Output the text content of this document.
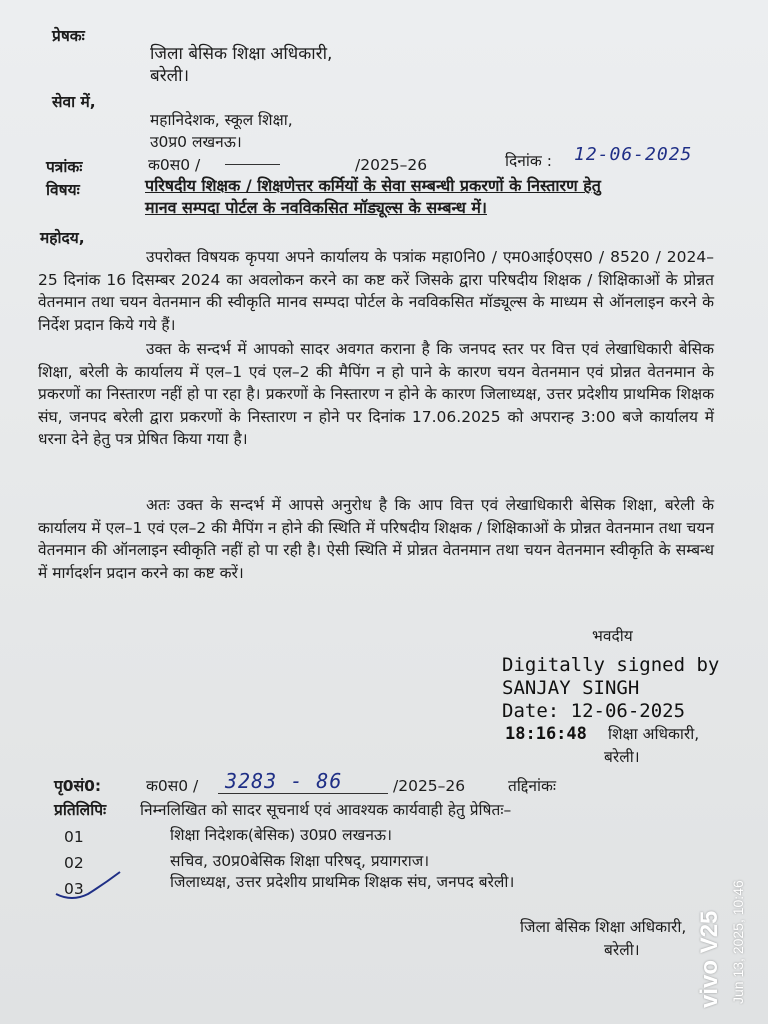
प्रेषकः
जिला बेसिक शिक्षा अधिकारी,
बरेली।
सेवा में,
महानिदेशक, स्कूल शिक्षा,
उ0प्र0 लखनऊ।
पत्रांकः	क0स0 /	/2025–26	दिनांक : 12-06-2025
विषयः	परिषदीय शिक्षक / शिक्षणेत्तर कर्मियों के सेवा सम्बन्धी प्रकरणों के निस्तारण हेतु
मानव सम्पदा पोर्टल के नवविकसित मॉड्यूल्स के सम्बन्ध में।
महोदय,
उपरोक्त विषयक कृपया अपने कार्यालय के पत्रांक महा0नि0 / एम0आई0एस0 / 8520 / 2024–25 दिनांक 16 दिसम्बर 2024 का अवलोकन करने का कष्ट करें जिसके द्वारा परिषदीय शिक्षक / शिक्षिकाओं के प्रोन्नत वेतनमान तथा चयन वेतनमान की स्वीकृति मानव सम्पदा पोर्टल के नवविकसित मॉड्यूल्स के माध्यम से ऑनलाइन करने के निर्देश प्रदान किये गये हैं।
उक्त के सन्दर्भ में आपको सादर अवगत कराना है कि जनपद स्तर पर वित्त एवं लेखाधिकारी बेसिक शिक्षा, बरेली के कार्यालय में एल–1 एवं एल–2 की मैपिंग न हो पाने के कारण चयन वेतनमान एवं प्रोन्नत वेतनमान के प्रकरणों का निस्तारण नहीं हो पा रहा है। प्रकरणों के निस्तारण न होने के कारण जिलाध्यक्ष, उत्तर प्रदेशीय प्राथमिक शिक्षक संघ, जनपद बरेली द्वारा प्रकरणों के निस्तारण न होने पर दिनांक 17.06.2025 को अपरान्ह 3:00 बजे कार्यालय में धरना देने हेतु पत्र प्रेषित किया गया है।
अतः उक्त के सन्दर्भ में आपसे अनुरोध है कि आप वित्त एवं लेखाधिकारी बेसिक शिक्षा, बरेली के कार्यालय में एल–1 एवं एल–2 की मैपिंग न होने की स्थिति में परिषदीय शिक्षक / शिक्षिकाओं के प्रोन्नत वेतनमान तथा चयन वेतनमान की ऑनलाइन स्वीकृति नहीं हो पा रही है। ऐसी स्थिति में प्रोन्नत वेतनमान तथा चयन वेतनमान स्वीकृति के सम्बन्ध में मार्गदर्शन प्रदान करने का कष्ट करें।
भवदीय
Digitally signed by
SANJAY SINGH
Date: 12-06-2025
18:16:48 शिक्षा अधिकारी,
बरेली।
पृ0सं0:	क0स0 / 3283 - 86	/2025–26	तद्दिनांकः
प्रतिलिपिः निम्नलिखित को सादर सूचनार्थ एवं आवश्यक कार्यवाही हेतु प्रेषितः–
01	शिक्षा निदेशक(बेसिक) उ0प्र0 लखनऊ।
02	सचिव, उ0प्र0बेसिक शिक्षा परिषद्, प्रयागराज।
03	जिलाध्यक्ष, उत्तर प्रदेशीय प्राथमिक शिक्षक संघ, जनपद बरेली।
जिला बेसिक शिक्षा अधिकारी,
बरेली। vivo V25 Jun 13, 2025, 10:46
